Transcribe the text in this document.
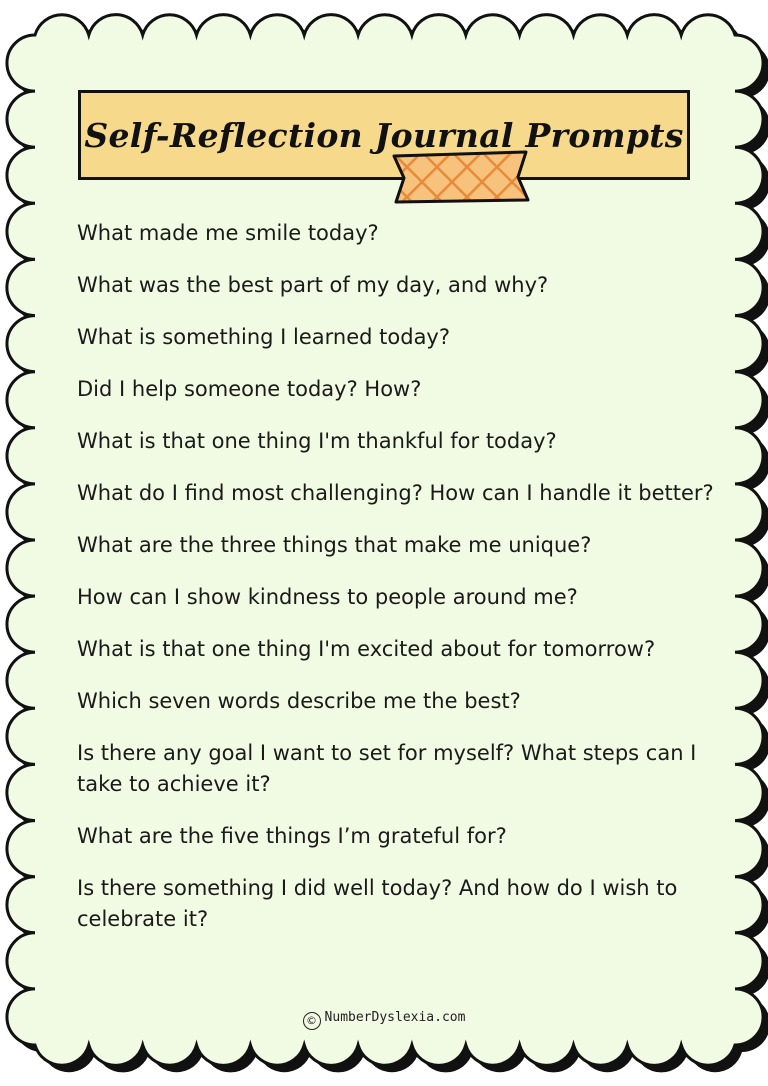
Self-Reflection Journal Prompts
What made me smile today?
What was the best part of my day, and why?
What is something I learned today?
Did I help someone today? How?
What is that one thing I'm thankful for today?
What do I find most challenging? How can I handle it better?
What are the three things that make me unique?
How can I show kindness to people around me?
What is that one thing I'm excited about for tomorrow?
Which seven words describe me the best?
Is there any goal I want to set for myself? What steps can I take to achieve it?
What are the five things I’m grateful for?
Is there something I did well today? And how do I wish to celebrate it?
© NumberDyslexia.com
